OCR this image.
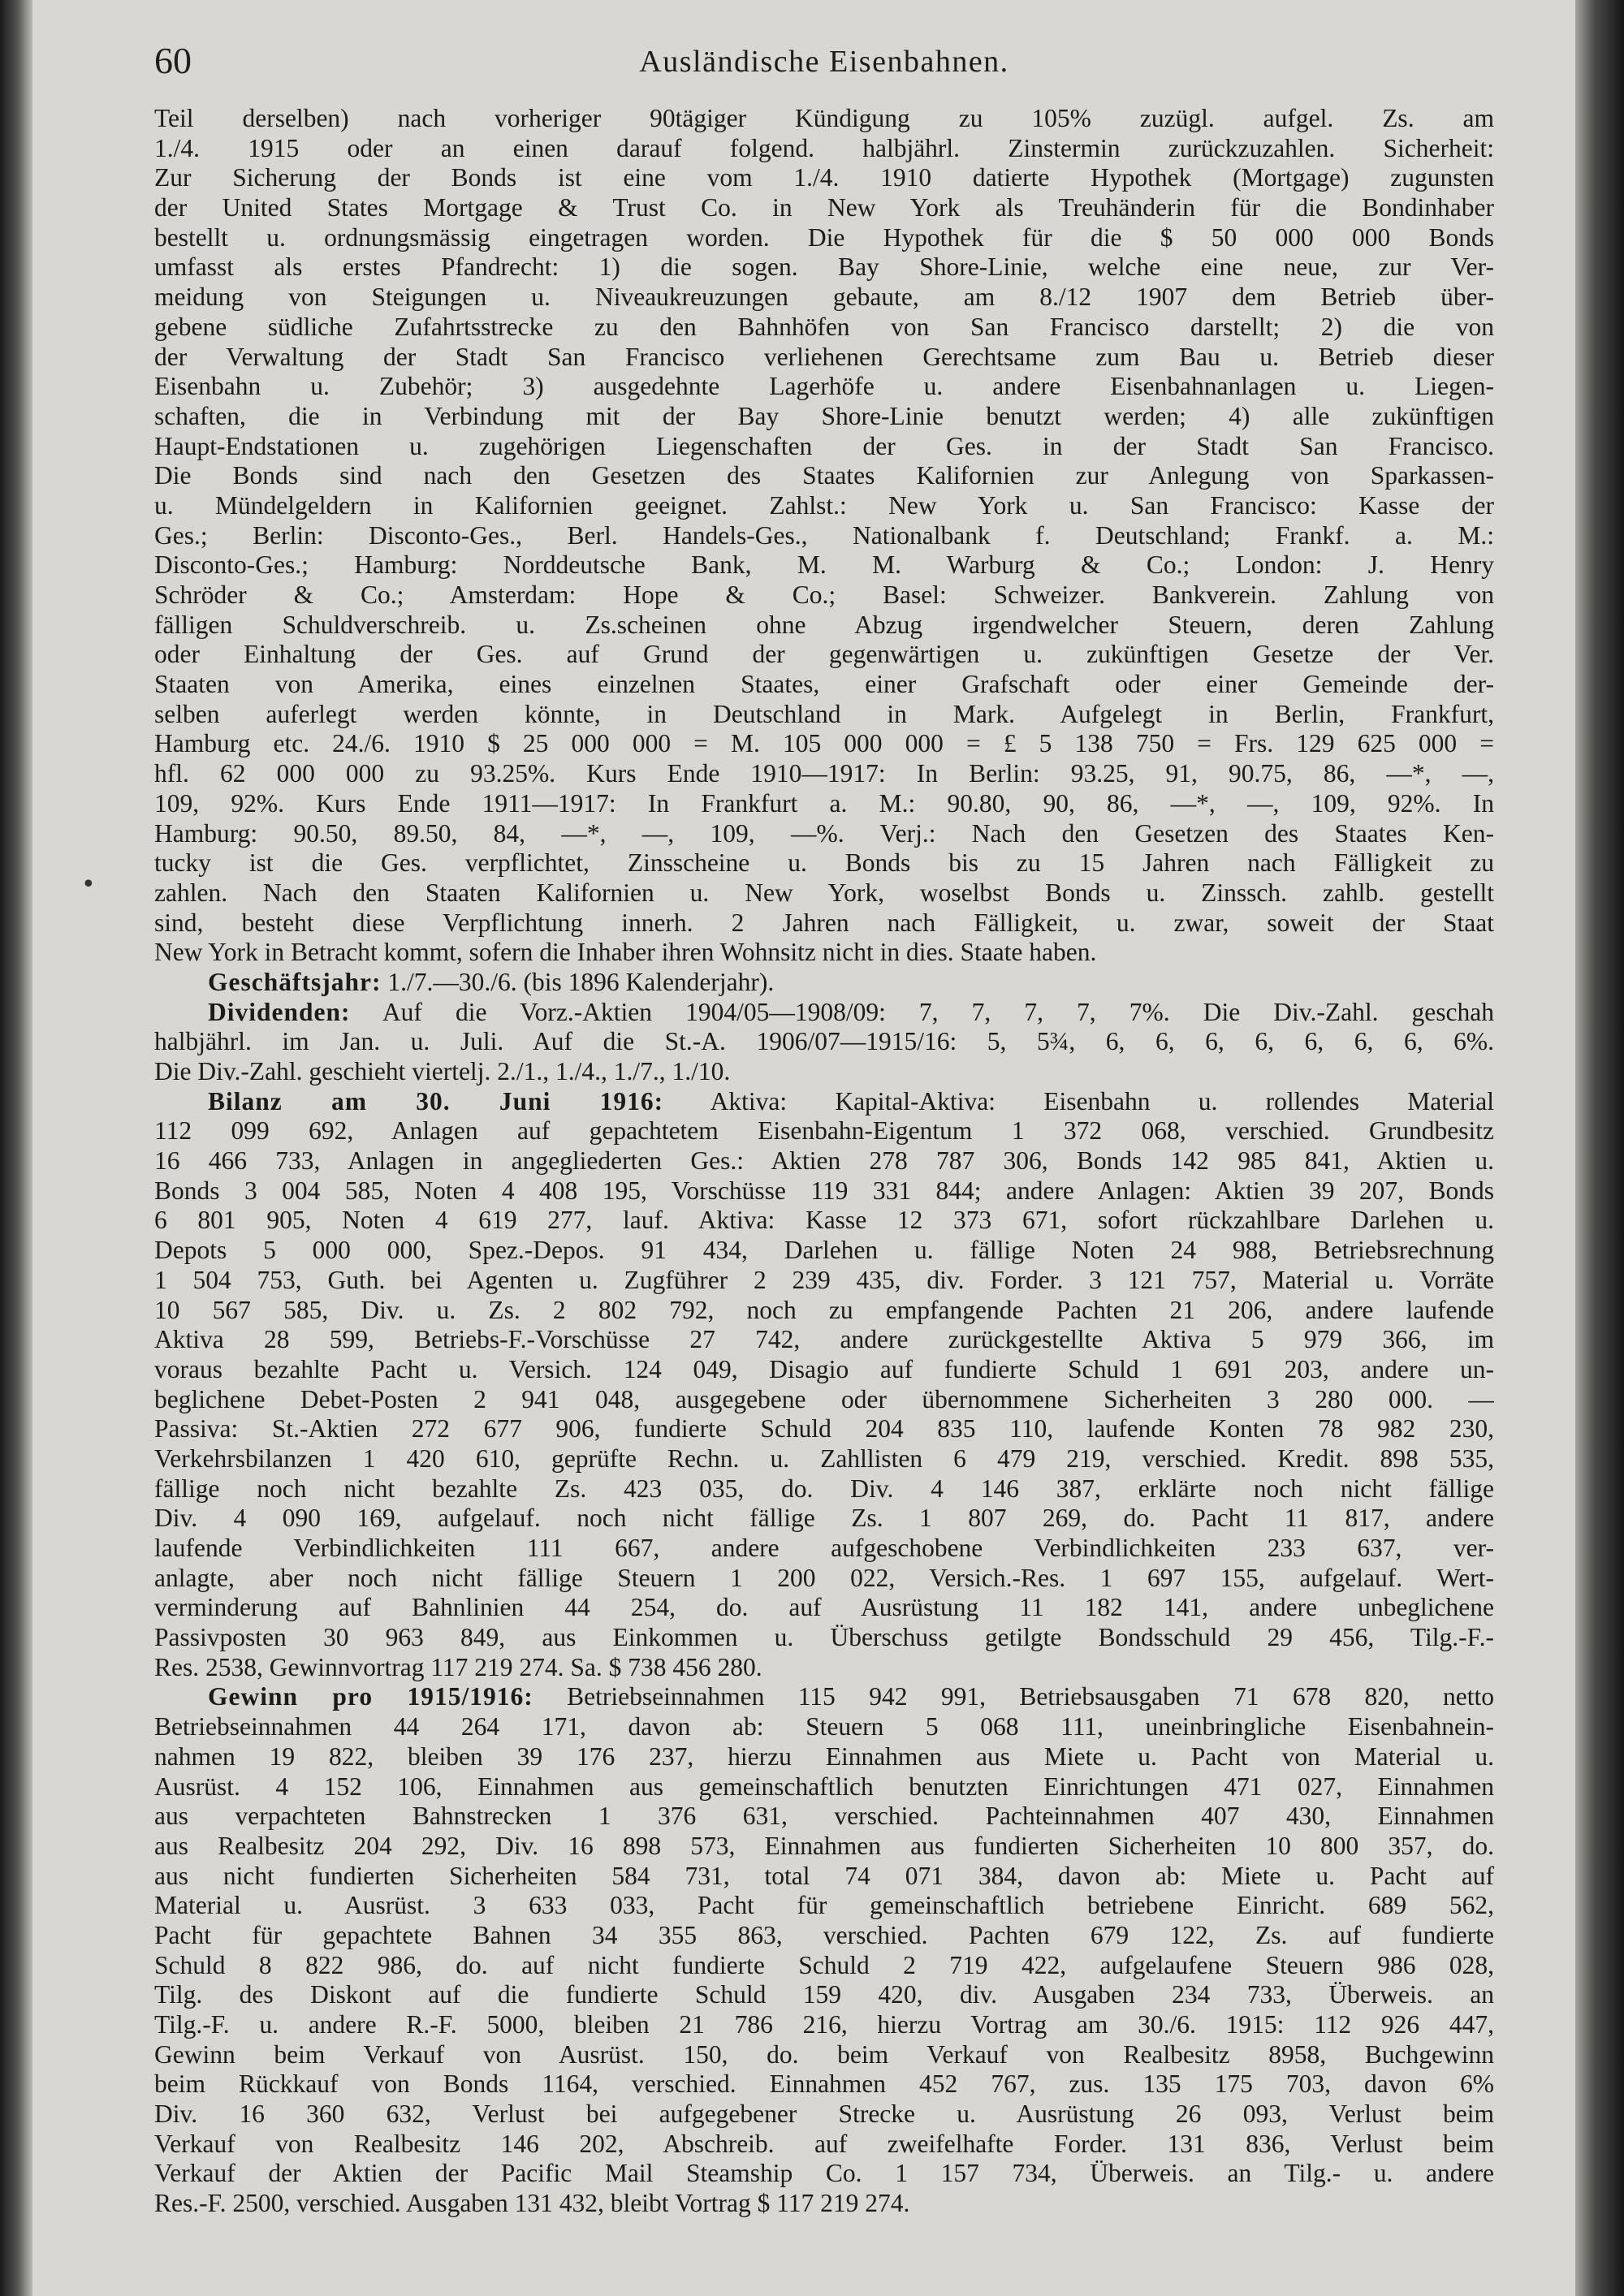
60	Ausländische Eisenbahnen.
•
Teil derselben) nach vorheriger 90tägiger Kündigung zu 105% zuzügl. aufgel. Zs. am
1./4. 1915 oder an einen darauf folgend. halbjährl. Zinstermin zurückzuzahlen. Sicherheit:
Zur Sicherung der Bonds ist eine vom 1./4. 1910 datierte Hypothek (Mortgage) zugunsten
der United States Mortgage & Trust Co. in New York als Treuhänderin für die Bondinhaber
bestellt u. ordnungsmässig eingetragen worden. Die Hypothek für die $ 50 000 000 Bonds
umfasst als erstes Pfandrecht: 1) die sogen. Bay Shore-Linie, welche eine neue, zur Ver-
meidung von Steigungen u. Niveaukreuzungen gebaute, am 8./12 1907 dem Betrieb über-
gebene südliche Zufahrtsstrecke zu den Bahnhöfen von San Francisco darstellt; 2) die von
der Verwaltung der Stadt San Francisco verliehenen Gerechtsame zum Bau u. Betrieb dieser
Eisenbahn u. Zubehör; 3) ausgedehnte Lagerhöfe u. andere Eisenbahnanlagen u. Liegen-
schaften, die in Verbindung mit der Bay Shore-Linie benutzt werden; 4) alle zukünftigen
Haupt-Endstationen u. zugehörigen Liegenschaften der Ges. in der Stadt San Francisco.
Die Bonds sind nach den Gesetzen des Staates Kalifornien zur Anlegung von Sparkassen-
u. Mündelgeldern in Kalifornien geeignet. Zahlst.: New York u. San Francisco: Kasse der
Ges.; Berlin: Disconto-Ges., Berl. Handels-Ges., Nationalbank f. Deutschland; Frankf. a. M.:
Disconto-Ges.; Hamburg: Norddeutsche Bank, M. M. Warburg & Co.; London: J. Henry
Schröder & Co.; Amsterdam: Hope & Co.; Basel: Schweizer. Bankverein. Zahlung von
fälligen Schuldverschreib. u. Zs.scheinen ohne Abzug irgendwelcher Steuern, deren Zahlung
oder Einhaltung der Ges. auf Grund der gegenwärtigen u. zukünftigen Gesetze der Ver.
Staaten von Amerika, eines einzelnen Staates, einer Grafschaft oder einer Gemeinde der-
selben auferlegt werden könnte, in Deutschland in Mark. Aufgelegt in Berlin, Frankfurt,
Hamburg etc. 24./6. 1910 $ 25 000 000 = M. 105 000 000 = £ 5 138 750 = Frs. 129 625 000 =
hfl. 62 000 000 zu 93.25%. Kurs Ende 1910—1917: In Berlin: 93.25, 91, 90.75, 86, —*, —,
109, 92%. Kurs Ende 1911—1917: In Frankfurt a. M.: 90.80, 90, 86, —*, —, 109, 92%. In
Hamburg: 90.50, 89.50, 84, —*, —, 109, —%. Verj.: Nach den Gesetzen des Staates Ken-
tucky ist die Ges. verpflichtet, Zinsscheine u. Bonds bis zu 15 Jahren nach Fälligkeit zu
zahlen. Nach den Staaten Kalifornien u. New York, woselbst Bonds u. Zinssch. zahlb. gestellt
sind, besteht diese Verpflichtung innerh. 2 Jahren nach Fälligkeit, u. zwar, soweit der Staat
New York in Betracht kommt, sofern die Inhaber ihren Wohnsitz nicht in dies. Staate haben.
Geschäftsjahr: 1./7.—30./6. (bis 1896 Kalenderjahr).
Dividenden: Auf die Vorz.-Aktien 1904/05—1908/09: 7, 7, 7, 7, 7%. Die Div.-Zahl. geschah
halbjährl. im Jan. u. Juli. Auf die St.-A. 1906/07—1915/16: 5, 5¾, 6, 6, 6, 6, 6, 6, 6, 6%.
Die Div.-Zahl. geschieht viertelj. 2./1., 1./4., 1./7., 1./10.
Bilanz am 30. Juni 1916: Aktiva: Kapital-Aktiva: Eisenbahn u. rollendes Material
112 099 692, Anlagen auf gepachtetem Eisenbahn-Eigentum 1 372 068, verschied. Grundbesitz
16 466 733, Anlagen in angegliederten Ges.: Aktien 278 787 306, Bonds 142 985 841, Aktien u.
Bonds 3 004 585, Noten 4 408 195, Vorschüsse 119 331 844; andere Anlagen: Aktien 39 207, Bonds
6 801 905, Noten 4 619 277, lauf. Aktiva: Kasse 12 373 671, sofort rückzahlbare Darlehen u.
Depots 5 000 000, Spez.-Depos. 91 434, Darlehen u. fällige Noten 24 988, Betriebsrechnung
1 504 753, Guth. bei Agenten u. Zugführer 2 239 435, div. Forder. 3 121 757, Material u. Vorräte
10 567 585, Div. u. Zs. 2 802 792, noch zu empfangende Pachten 21 206, andere laufende
Aktiva 28 599, Betriebs-F.-Vorschüsse 27 742, andere zurückgestellte Aktiva 5 979 366, im
voraus bezahlte Pacht u. Versich. 124 049, Disagio auf fundierte Schuld 1 691 203, andere un-
beglichene Debet-Posten 2 941 048, ausgegebene oder übernommene Sicherheiten 3 280 000. —
Passiva: St.-Aktien 272 677 906, fundierte Schuld 204 835 110, laufende Konten 78 982 230,
Verkehrsbilanzen 1 420 610, geprüfte Rechn. u. Zahllisten 6 479 219, verschied. Kredit. 898 535,
fällige noch nicht bezahlte Zs. 423 035, do. Div. 4 146 387, erklärte noch nicht fällige
Div. 4 090 169, aufgelauf. noch nicht fällige Zs. 1 807 269, do. Pacht 11 817, andere
laufende Verbindlichkeiten 111 667, andere aufgeschobene Verbindlichkeiten 233 637, ver-
anlagte, aber noch nicht fällige Steuern 1 200 022, Versich.-Res. 1 697 155, aufgelauf. Wert-
verminderung auf Bahnlinien 44 254, do. auf Ausrüstung 11 182 141, andere unbeglichene
Passivposten 30 963 849, aus Einkommen u. Überschuss getilgte Bondsschuld 29 456, Tilg.-F.-
Res. 2538, Gewinnvortrag 117 219 274. Sa. $ 738 456 280.
Gewinn pro 1915/1916: Betriebseinnahmen 115 942 991, Betriebsausgaben 71 678 820, netto
Betriebseinnahmen 44 264 171, davon ab: Steuern 5 068 111, uneinbringliche Eisenbahnein-
nahmen 19 822, bleiben 39 176 237, hierzu Einnahmen aus Miete u. Pacht von Material u.
Ausrüst. 4 152 106, Einnahmen aus gemeinschaftlich benutzten Einrichtungen 471 027, Einnahmen
aus verpachteten Bahnstrecken 1 376 631, verschied. Pachteinnahmen 407 430, Einnahmen
aus Realbesitz 204 292, Div. 16 898 573, Einnahmen aus fundierten Sicherheiten 10 800 357, do.
aus nicht fundierten Sicherheiten 584 731, total 74 071 384, davon ab: Miete u. Pacht auf
Material u. Ausrüst. 3 633 033, Pacht für gemeinschaftlich betriebene Einricht. 689 562,
Pacht für gepachtete Bahnen 34 355 863, verschied. Pachten 679 122, Zs. auf fundierte
Schuld 8 822 986, do. auf nicht fundierte Schuld 2 719 422, aufgelaufene Steuern 986 028,
Tilg. des Diskont auf die fundierte Schuld 159 420, div. Ausgaben 234 733, Überweis. an
Tilg.-F. u. andere R.-F. 5000, bleiben 21 786 216, hierzu Vortrag am 30./6. 1915: 112 926 447,
Gewinn beim Verkauf von Ausrüst. 150, do. beim Verkauf von Realbesitz 8958, Buchgewinn
beim Rückkauf von Bonds 1164, verschied. Einnahmen 452 767, zus. 135 175 703, davon 6%
Div. 16 360 632, Verlust bei aufgegebener Strecke u. Ausrüstung 26 093, Verlust beim
Verkauf von Realbesitz 146 202, Abschreib. auf zweifelhafte Forder. 131 836, Verlust beim
Verkauf der Aktien der Pacific Mail Steamship Co. 1 157 734, Überweis. an Tilg.- u. andere
Res.-F. 2500, verschied. Ausgaben 131 432, bleibt Vortrag $ 117 219 274.
